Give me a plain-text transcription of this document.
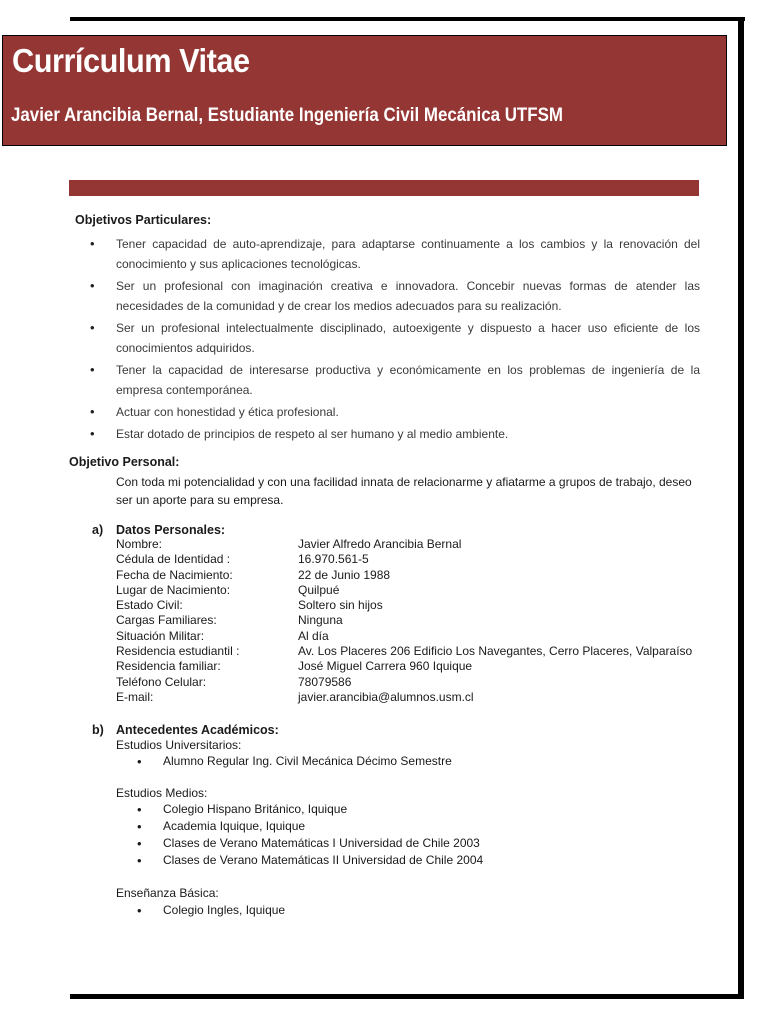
Currículum Vitae
Javier Arancibia Bernal, Estudiante Ingeniería Civil Mecánica UTFSM
Objetivos Particulares:
• Tener capacidad de auto-aprendizaje, para adaptarse continuamente a los cambios y la renovación del conocimiento y sus aplicaciones tecnológicas.
• Ser un profesional con imaginación creativa e innovadora. Concebir nuevas formas de atender las necesidades de la comunidad y de crear los medios adecuados para su realización.
• Ser un profesional intelectualmente disciplinado, autoexigente y dispuesto a hacer uso eficiente de los conocimientos adquiridos.
• Tener la capacidad de interesarse productiva y económicamente en los problemas de ingeniería de la empresa contemporánea.
• Actuar con honestidad y ética profesional.
• Estar dotado de principios de respeto al ser humano y al medio ambiente.
Objetivo Personal:
Con toda mi potencialidad y con una facilidad innata de relacionarme y afiatarme a grupos de trabajo, deseo ser un aporte para su empresa.
a) Datos Personales:
Nombre:	Javier Alfredo Arancibia Bernal
Cédula de Identidad :	16.970.561-5
Fecha de Nacimiento:	22 de Junio 1988
Lugar de Nacimiento:	Quilpué
Estado Civil:	Soltero sin hijos
Cargas Familiares:	Ninguna
Situación Militar:	Al día
Residencia estudiantil :	Av. Los Placeres 206 Edificio Los Navegantes, Cerro Placeres, Valparaíso
Residencia familiar:	José Miguel Carrera 960 Iquique
Teléfono Celular:	78079586
E-mail:	javier.arancibia@alumnos.usm.cl
b) Antecedentes Académicos:
Estudios Universitarios:
• Alumno Regular Ing. Civil Mecánica Décimo Semestre
Estudios Medios:
• Colegio Hispano Británico, Iquique
• Academia Iquique, Iquique
• Clases de Verano Matemáticas I Universidad de Chile 2003
• Clases de Verano Matemáticas II Universidad de Chile 2004
Enseñanza Básica:
• Colegio Ingles, Iquique
